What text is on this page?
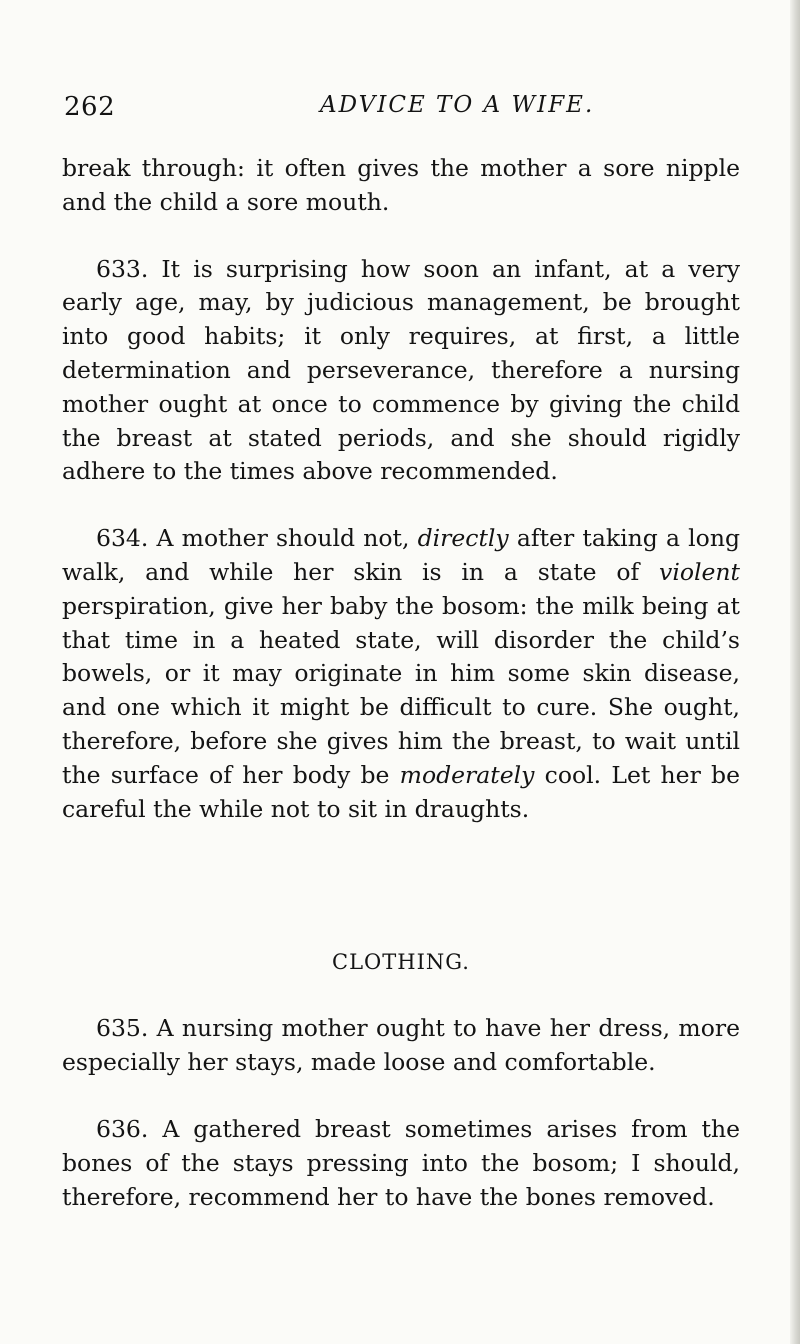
262	ADVICE TO A WIFE.

break through: it often gives the mother a sore nipple and the child a sore mouth.

633. It is surprising how soon an infant, at a very early age, may, by judicious management, be brought into good habits; it only requires, at first, a little determination and perseverance, therefore a nursing mother ought at once to commence by giving the child the breast at stated periods, and she should rigidly adhere to the times above recommended.

634. A mother should not, directly after taking a long walk, and while her skin is in a state of violent perspiration, give her baby the bosom: the milk being at that time in a heated state, will disorder the child’s bowels, or it may originate in him some skin disease, and one which it might be difficult to cure. She ought, therefore, before she gives him the breast, to wait until the surface of her body be moderately cool. Let her be careful the while not to sit in draughts.

CLOTHING.

635. A nursing mother ought to have her dress, more especially her stays, made loose and comfortable.

636. A gathered breast sometimes arises from the bones of the stays pressing into the bosom; I should, therefore, recommend her to have the bones removed.
